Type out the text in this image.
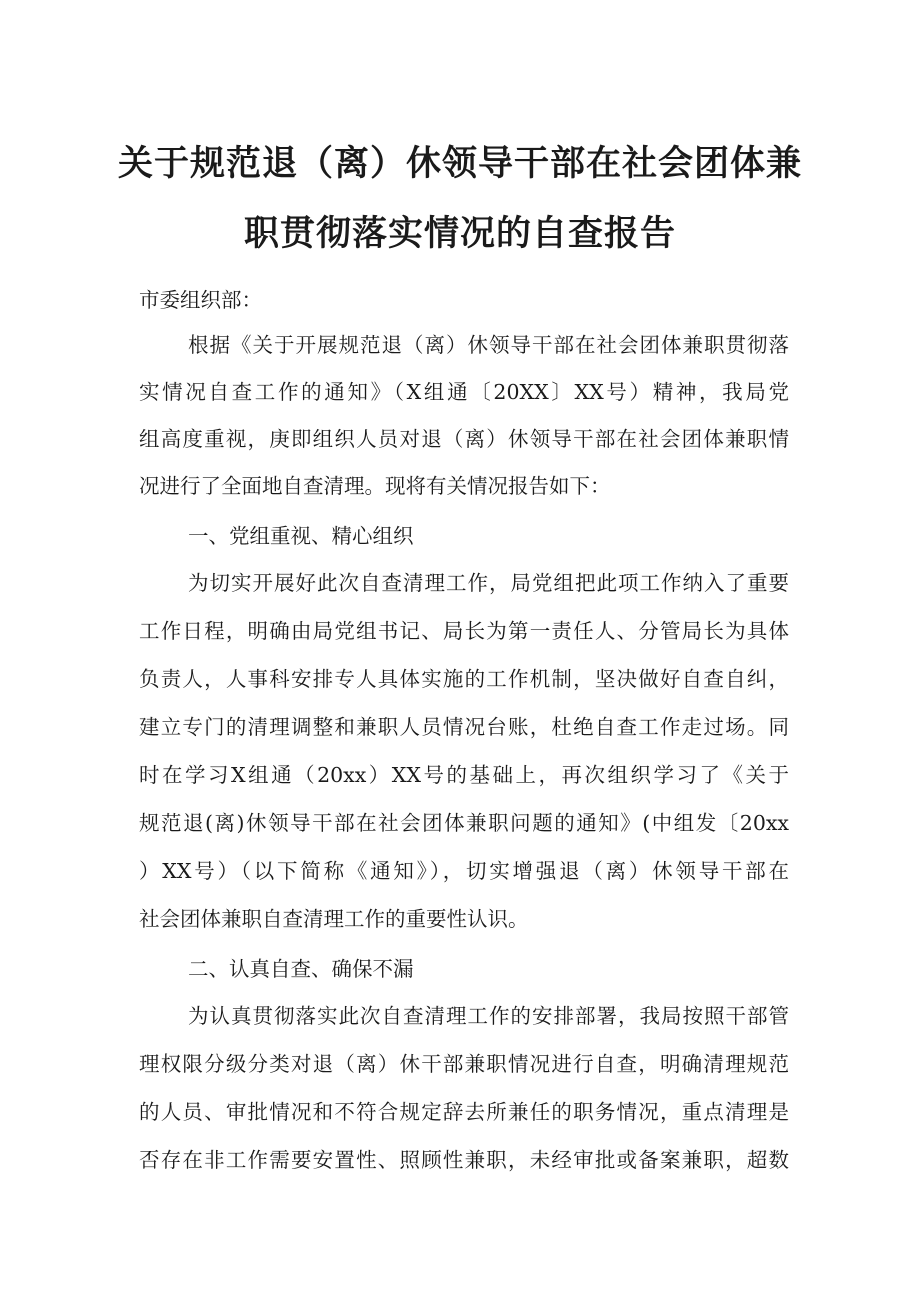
关于规范退（离）休领导干部在社会团体兼
职贯彻落实情况的自查报告
市委组织部：
根据《关于开展规范退（离）休领导干部在社会团体兼职贯彻落
实情况自查工作的通知》（X组通〔20XX〕XX号）精神，我局党
组高度重视，庚即组织人员对退（离）休领导干部在社会团体兼职情
况进行了全面地自查清理。现将有关情况报告如下：
一、党组重视、精心组织
为切实开展好此次自查清理工作，局党组把此项工作纳入了重要
工作日程，明确由局党组书记、局长为第一责任人、分管局长为具体
负责人，人事科安排专人具体实施的工作机制，坚决做好自查自纠，
建立专门的清理调整和兼职人员情况台账，杜绝自查工作走过场。同
时在学习X组通（20xx）XX号的基础上，再次组织学习了《关于
规范退(离)休领导干部在社会团体兼职问题的通知》(中组发〔20xx
）XX号）（以下简称《通知》），切实增强退（离）休领导干部在
社会团体兼职自查清理工作的重要性认识。
二、认真自查、确保不漏
为认真贯彻落实此次自查清理工作的安排部署，我局按照干部管
理权限分级分类对退（离）休干部兼职情况进行自查，明确清理规范
的人员、审批情况和不符合规定辞去所兼任的职务情况，重点清理是
否存在非工作需要安置性、照顾性兼职，未经审批或备案兼职，超数
